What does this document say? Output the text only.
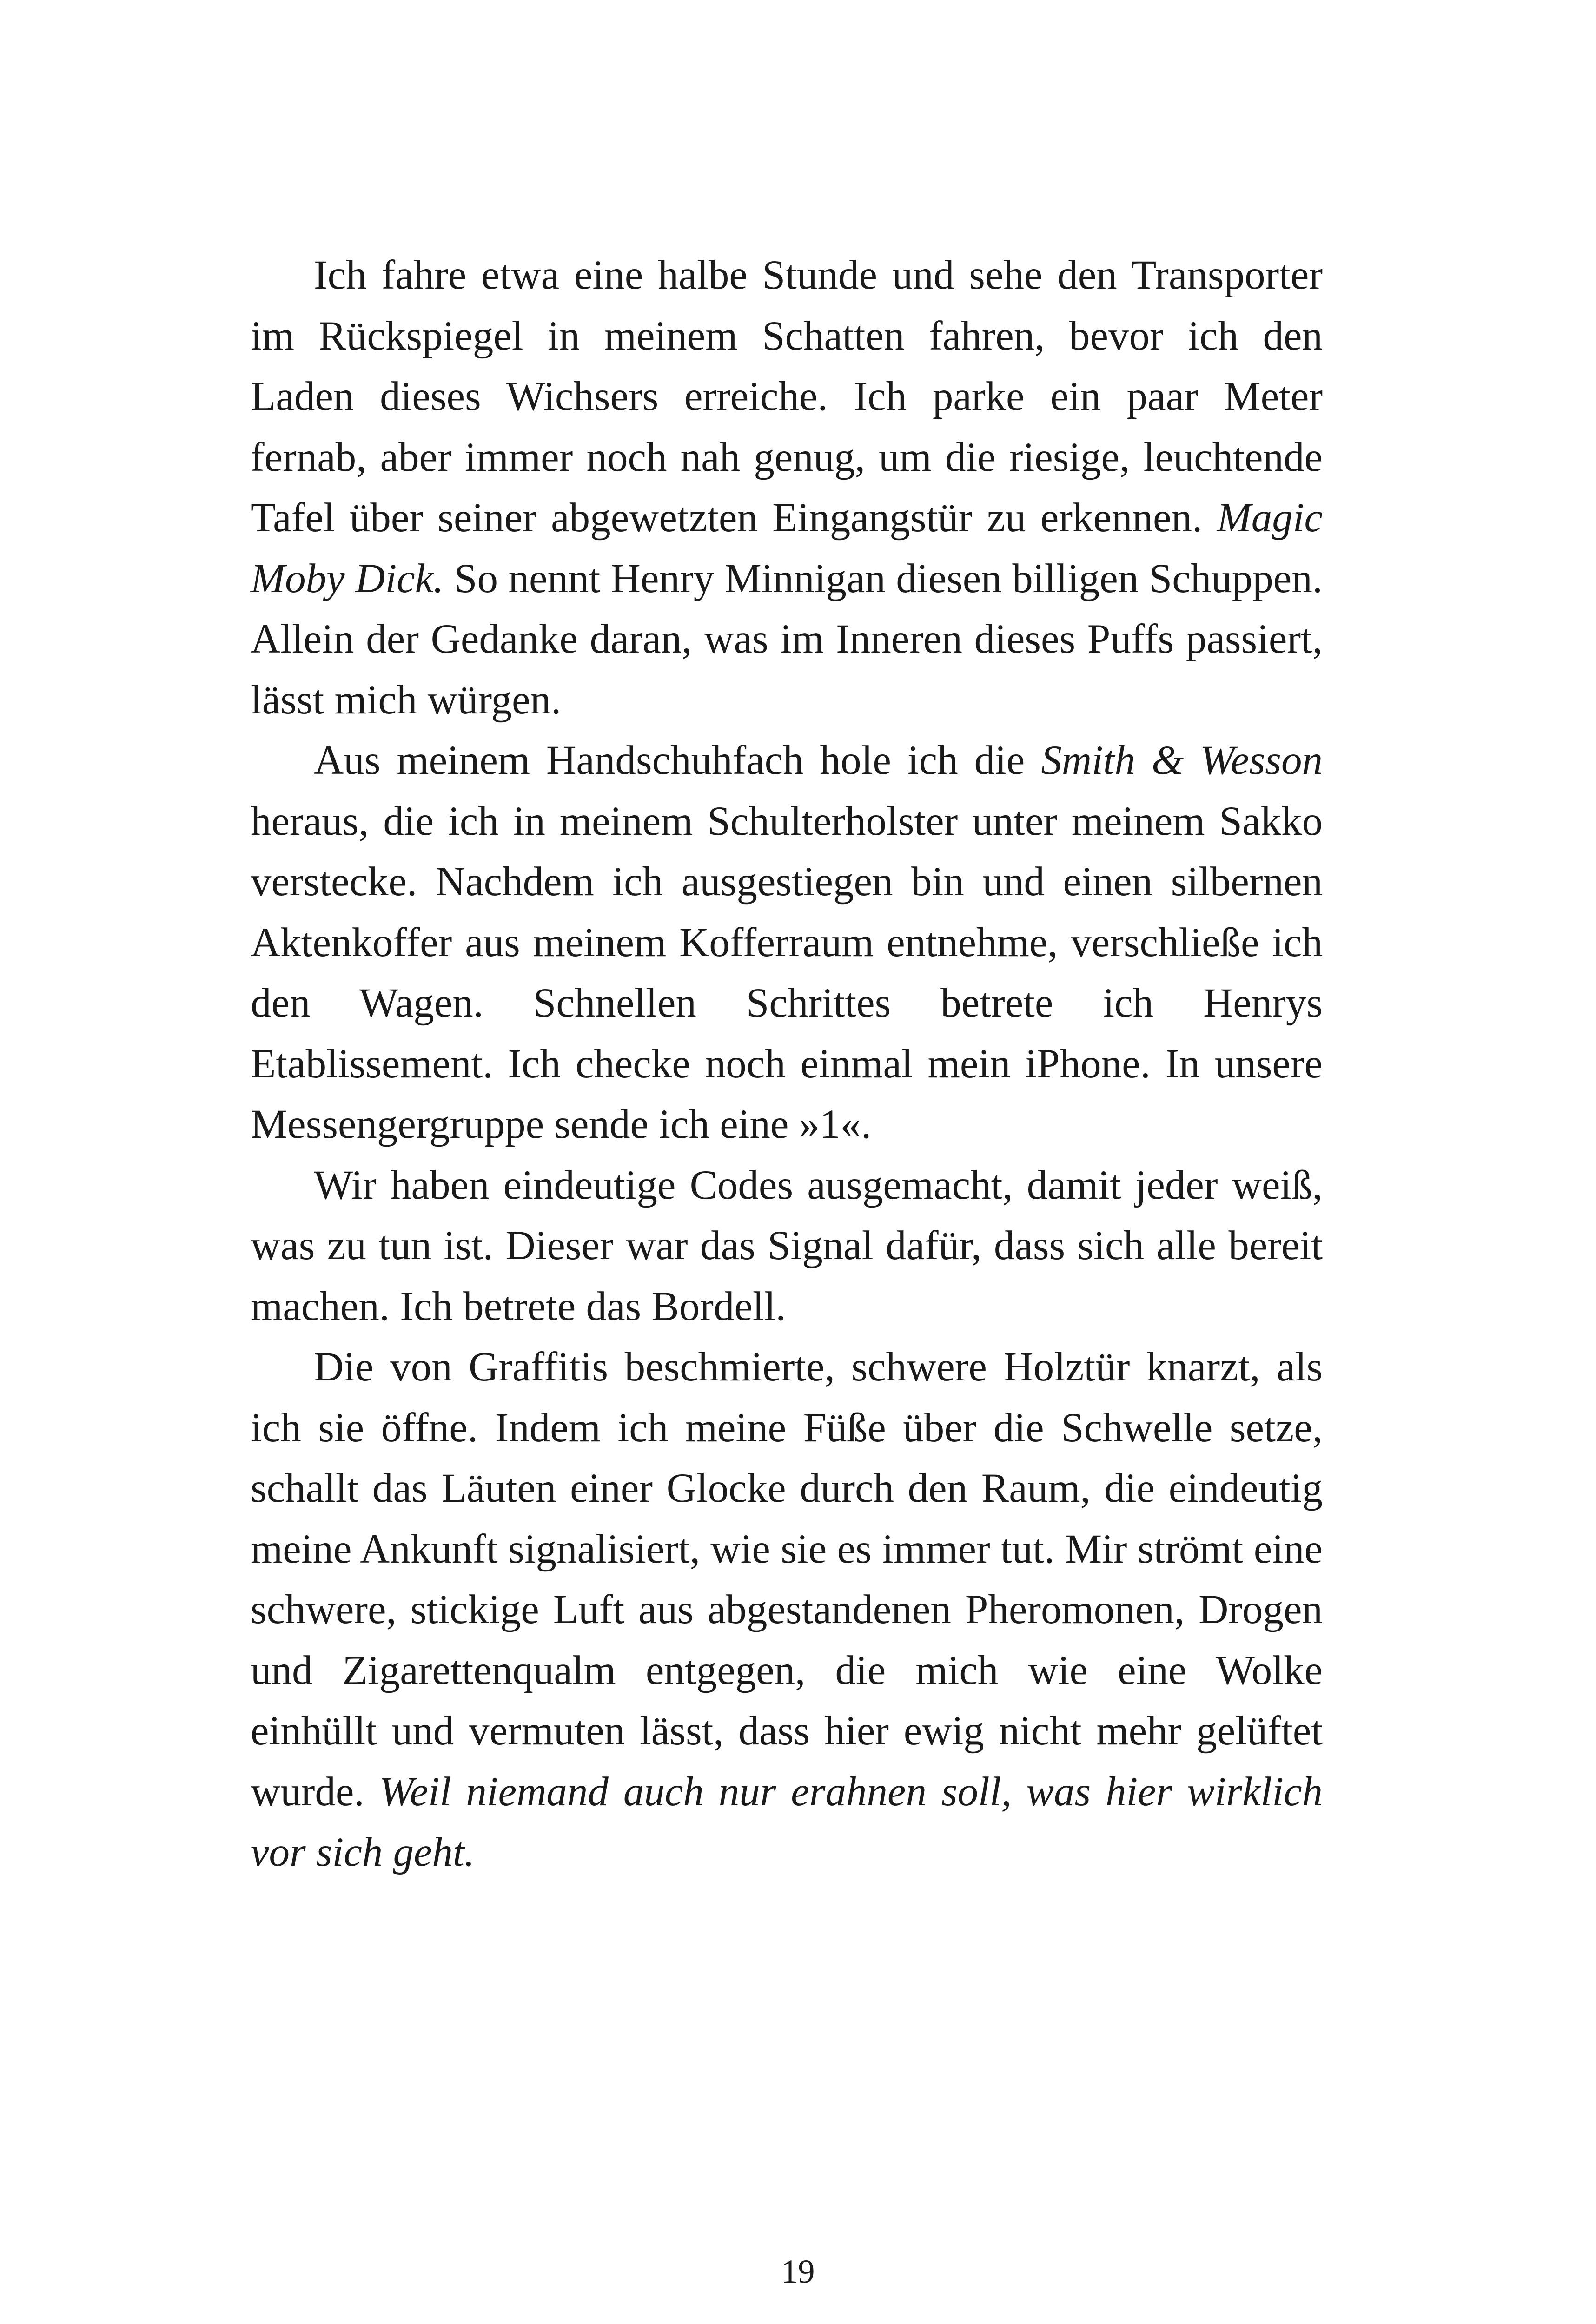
Ich fahre etwa eine halbe Stunde und sehe den Transporter im Rückspiegel in meinem Schatten fahren, bevor ich den Laden dieses Wichsers erreiche. Ich parke ein paar Meter fernab, aber immer noch nah genug, um die riesige, leuchtende Tafel über seiner abgewetzten Eingangstür zu erkennen. Magic Moby Dick. So nennt Henry Minnigan diesen billigen Schuppen. Allein der Gedanke daran, was im Inneren dieses Puffs passiert, lässt mich würgen.

Aus meinem Handschuhfach hole ich die Smith & Wesson heraus, die ich in meinem Schulterholster unter meinem Sakko verstecke. Nachdem ich ausgestiegen bin und einen silbernen Aktenkoffer aus meinem Kofferraum entnehme, verschließe ich den Wagen. Schnellen Schrittes betrete ich Henrys Etablissement. Ich checke noch einmal mein iPhone. In unsere Messengergruppe sende ich eine »1«.

Wir haben eindeutige Codes ausgemacht, damit jeder weiß, was zu tun ist. Dieser war das Signal dafür, dass sich alle bereit machen. Ich betrete das Bordell.

Die von Graffitis beschmierte, schwere Holztür knarzt, als ich sie öffne. Indem ich meine Füße über die Schwelle setze, schallt das Läuten einer Glocke durch den Raum, die eindeutig meine Ankunft signalisiert, wie sie es immer tut. Mir strömt eine schwere, stickige Luft aus abgestandenen Pheromonen, Drogen und Zigarettenqualm entgegen, die mich wie eine Wolke einhüllt und vermuten lässt, dass hier ewig nicht mehr gelüftet wurde. Weil niemand auch nur erahnen soll, was hier wirklich vor sich geht.

19
